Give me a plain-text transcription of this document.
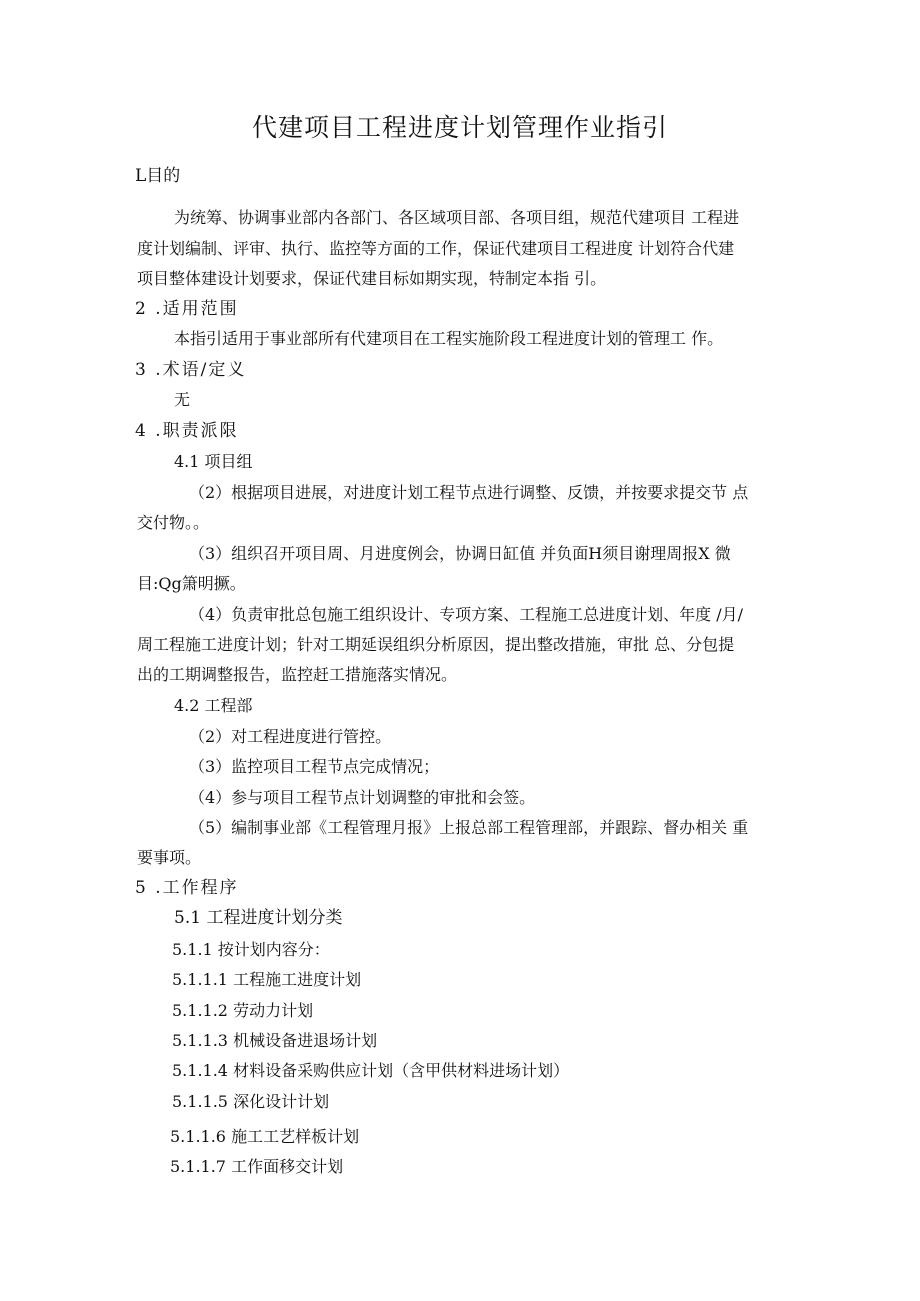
代建项目工程进度计划管理作业指引
L目的
为统筹、协调事业部内各部门、各区域项目部、各项目组，规范代建项目 工程进
度计划编制、评审、执行、监控等方面的工作，保证代建项目工程进度 计划符合代建
项目整体建设计划要求，保证代建目标如期实现，特制定本指 引。
2 .适用范围
本指引适用于事业部所有代建项目在工程实施阶段工程进度计划的管理工 作。
3 .术语/定义
无
4 .职责派限
4.1 项目组
（2）根据项目进展，对进度计划工程节点进行调整、反馈，并按要求提交节 点
交付物。。
（3）组织召开项目周、月进度例会，协调日缸值 并负面H须目谢理周报X 微
目:Qg箫明撅。
（4）负责审批总包施工组织设计、专项方案、工程施工总进度计划、年度 /月/
周工程施工进度计划；针对工期延误组织分析原因，提出整改措施，审批 总、分包提
出的工期调整报告，监控赶工措施落实情况。
4.2 工程部
（2）对工程进度进行管控。
（3）监控项目工程节点完成情况；
（4）参与项目工程节点计划调整的审批和会签。
（5）编制事业部《工程管理月报》上报总部工程管理部，并跟踪、督办相关 重
要事项。
5 .工作程序
5.1 工程进度计划分类
5.1.1 按计划内容分：
5.1.1.1 工程施工进度计划
5.1.1.2 劳动力计划
5.1.1.3 机械设备进退场计划
5.1.1.4 材料设备采购供应计划（含甲供材料进场计划）
5.1.1.5 深化设计计划
5.1.1.6 施工工艺样板计划
5.1.1.7 工作面移交计划
